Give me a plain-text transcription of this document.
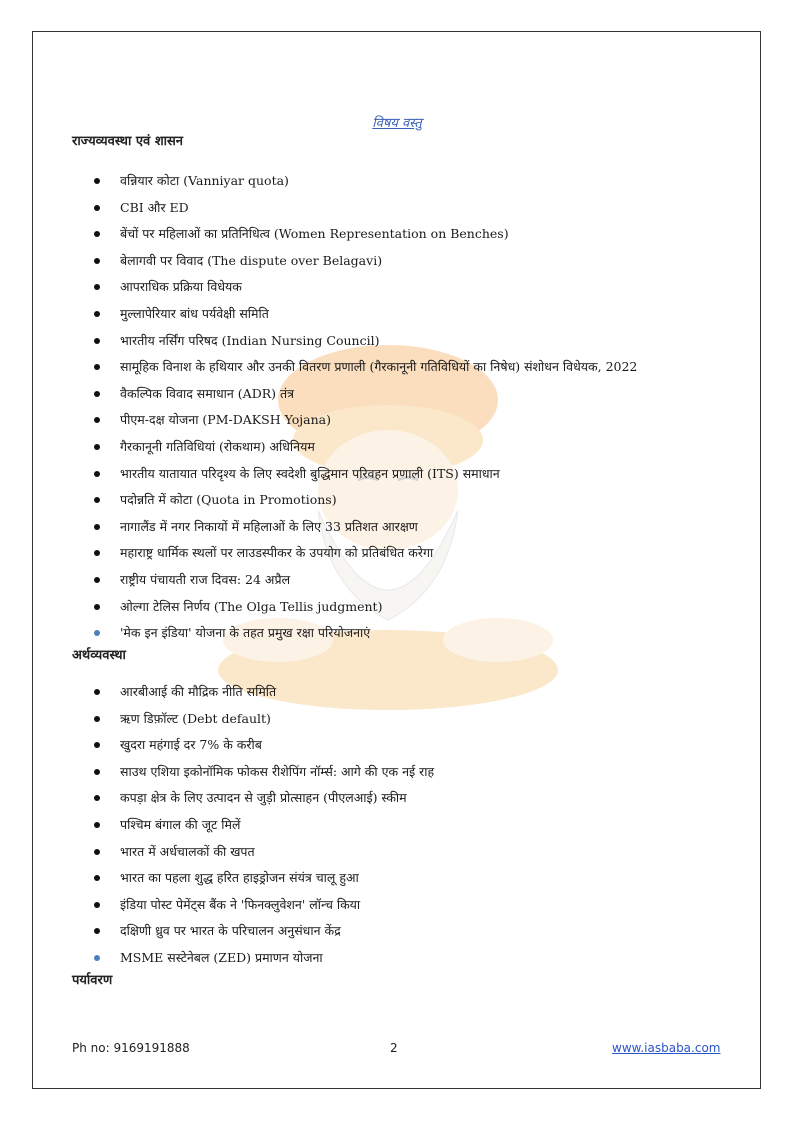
विषय वस्तु
राज्यव्यवस्था एवं शासन
वन्नियार कोटा (Vanniyar quota)
CBI और ED
बेंचों पर महिलाओं का प्रतिनिधित्व (Women Representation on Benches)
बेलागवी पर विवाद (The dispute over Belagavi)
आपराधिक प्रक्रिया विधेयक
मुल्लापेरियार बांध पर्यवेक्षी समिति
भारतीय नर्सिंग परिषद (Indian Nursing Council)
सामूहिक विनाश के हथियार और उनकी वितरण प्रणाली (गैरकानूनी गतिविधियों का निषेध) संशोधन विधेयक, 2022
वैकल्पिक विवाद समाधान (ADR) तंत्र
पीएम-दक्ष योजना (PM-DAKSH Yojana)
गैरकानूनी गतिविधियां (रोकथाम) अधिनियम
भारतीय यातायात परिदृश्य के लिए स्वदेशी बुद्धिमान परिवहन प्रणाली (ITS) समाधान
पदोन्नति में कोटा (Quota in Promotions)
नागालैंड में नगर निकायों में महिलाओं के लिए 33 प्रतिशत आरक्षण
महाराष्ट्र धार्मिक स्थलों पर लाउडस्पीकर के उपयोग को प्रतिबंधित करेगा
राष्ट्रीय पंचायती राज दिवस: 24 अप्रैल
ओल्गा टेलिस निर्णय (The Olga Tellis judgment)
'मेक इन इंडिया' योजना के तहत प्रमुख रक्षा परियोजनाएं
अर्थव्यवस्था
आरबीआई की मौद्रिक नीति समिति
ऋण डिफ़ॉल्ट (Debt default)
खुदरा महंगाई दर 7% के करीब
साउथ एशिया इकोनॉमिक फोकस रीशेपिंग नॉर्म्स: आगे की एक नई राह
कपड़ा क्षेत्र के लिए उत्पादन से जुड़ी प्रोत्साहन (पीएलआई) स्कीम
पश्चिम बंगाल की जूट मिलें
भारत में अर्धचालकों की खपत
भारत का पहला शुद्ध हरित हाइड्रोजन संयंत्र चालू हुआ
इंडिया पोस्ट पेमेंट्स बैंक ने 'फिनक्लुवेशन' लॉन्च किया
दक्षिणी ध्रुव पर भारत के परिचालन अनुसंधान केंद्र
MSME सस्टेनेबल (ZED) प्रमाणन योजना
पर्यावरण
Ph no: 9169191888	2	www.iasbaba.com
